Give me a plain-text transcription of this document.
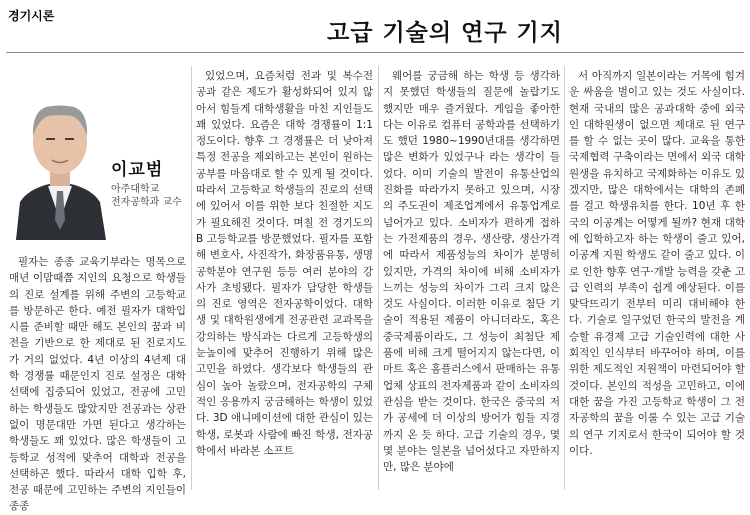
경기시론
고급 기술의 연구 기지
이교범
아주대학교
전자공학과 교수

필자는 종종 교육기부라는 명목으로 매년 이맘때쯤 지인의 요청으로 학생들의 진로 설계를 위해 주변의 고등학교를 방문하곤 한다. 예전 필자가 대학입시를 준비할 때만 해도 본인의 꿈과 비전을 기반으로 한 제대로 된 진로지도가 거의 없었다. 4년 이상의 4년제 대학 경쟁률 때문인지 진로 설정은 대학 선택에 집중되어 있었고, 전공에 고민하는 학생들도 많았지만 전공과는 상관없이 명문대만 가면 된다고 생각하는 학생들도 꽤 있었다. 많은 학생들이 고등학교 성적에 맞추어 대학과 전공을 선택하곤 했다. 따라서 대학 입학 후, 전공 때문에 고민하는 주변의 지인들이 종종

있었으며, 요즘처럼 전과 및 복수전공과 같은 제도가 활성화되어 있지 않아서 힘들게 대학생활을 마친 지인들도 꽤 있었다. 요즘은 대학 경쟁률이 1:1 정도이다. 향후 그 경쟁률은 더 낮아져 특정 전공을 제외하고는 본인이 원하는 공부를 마음대로 할 수 있게 될 것이다. 따라서 고등학교 학생들의 진로의 선택에 있어서 이를 위한 보다 친절한 지도가 필요해진 것이다. 며칠 전 경기도의 B 고등학교를 방문했었다. 필자를 포함해 변호사, 사진작가, 화장품유통, 생명공학분야 연구원 등등 여러 분야의 강사가 초빙됐다. 필자가 담당한 학생들의 진로 영역은 전자공학이었다. 대학생 및 대학원생에게 전공관련 교과목을 강의하는 방식과는 다르게 고등학생의 눈높이에 맞추어 진행하기 위해 많은 고민을 하였다. 생각보다 학생들의 관심이 높아 놀랐으며, 전자공학의 구체적인 응용까지 궁금해하는 학생이 있었다. 3D 애니메이션에 대한 관심이 있는 학생, 로봇과 사람에 빠진 학생, 전자공학에서 바라본 소프트

웨어를 궁금해 하는 학생 등 생각하지 못했던 학생들의 질문에 놀랍기도 했지만 매우 즐거웠다. 게임을 좋아한다는 이유로 컴퓨터 공학과를 선택하기도 했던 1980~1990년대를 생각하면 많은 변화가 있었구나 라는 생각이 들었다. 이미 기술의 발전이 유통산업의 진화를 따라가지 못하고 있으며, 시장의 주도권이 제조업계에서 유통업계로 넘어가고 있다. 소비자가 편하게 접하는 가전제품의 경우, 생산량, 생산가격에 따라서 제품성능의 차이가 분명히 있지만, 가격의 차이에 비해 소비자가 느끼는 성능의 차이가 그리 크지 않은 것도 사실이다. 이러한 이유로 첨단 기술이 적용된 제품이 아니더라도, 혹은 중국제품이라도, 그 성능이 최첨단 제품에 비해 크게 떨어지지 않는다면, 이마트 혹은 홈플러스에서 판매하는 유통업체 상표의 전자제품과 같이 소비자의 관심을 받는 것이다. 한국은 중국의 저가 공세에 더 이상의 방어가 힘들 지경까지 온 듯 하다. 고급 기술의 경우, 몇몇 분야는 일본을 넘어섰다고 자만하지만, 많은 분야에

서 아직까지 일본이라는 거목에 힘겨운 싸움을 벌이고 있는 것도 사실이다. 현재 국내의 많은 공과대학 중에 외국인 대학원생이 없으면 제대로 된 연구를 할 수 없는 곳이 많다. 교육을 통한 국제협력 구축이라는 면에서 외국 대학원생을 유치하고 국제화하는 이유도 있겠지만, 많은 대학에서는 대학의 존폐를 걸고 학생유치를 한다. 10년 후 한국의 이공계는 어떻게 될까? 현재 대학에 입학하고자 하는 학생이 줄고 있어, 이공계 지원 학생도 같이 줄고 있다. 이로 인한 향후 연구·개발 능력을 갖춘 고급 인력의 부족이 쉽게 예상된다. 이를 맞닥뜨리기 전부터 미리 대비해야 한다. 기술로 일구었던 한국의 발전을 계승할 유경제 고급 기술인력에 대한 사회적인 인식부터 바꾸어야 하며, 이를 위한 제도적인 지원책이 마련되어야 할 것이다. 본인의 적성을 고민하고, 이에 대한 꿈을 가진 고등학교 학생이 그 전자공학의 꿈을 이룰 수 있는 고급 기술의 연구 기지로서 한국이 되어야 할 것이다.
